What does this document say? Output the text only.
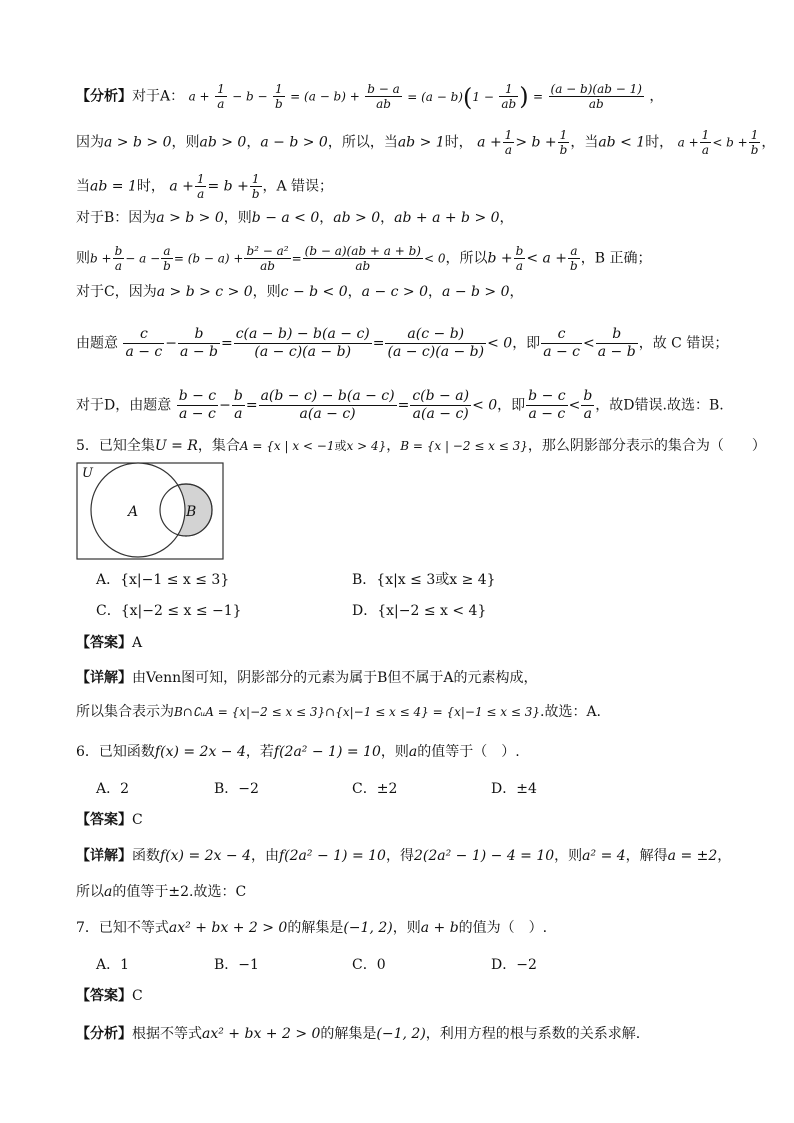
【分析】对于A： $a + \frac{1}{a} - b - \frac{1}{b} = (a - b) + \frac{b - a}{ab} = (a - b)(1 - \frac{1}{ab}$ ) = $\frac{(a - b)(ab - 1)}{ab}$ ，
因为a > b > 0，则ab > 0，a − b > 0，所以，当ab > 1时， $a + \frac{1}{a} > b + \frac{1}{b}$ ，当ab < 1时， $a + \frac{1}{a} < b + \frac{1}{b}$ ，
当ab = 1时， $a + \frac{1}{a} = b + \frac{1}{b}$ ，A 错误；
对于B：因为a > b > 0，则b − a < 0，ab > 0，ab + a + b > 0，
则$b + \frac{b}{a} - a - \frac{a}{b} = (b - a) + \frac{\text{b² − a²}}{ab} = \frac{(b - a)(ab + a + b)}{ab} < 0$，所以$b + \frac{b}{a} < a + \frac{a}{b}$ ，B 正确；
对于C，因为a > b > c > 0，则c − b < 0，a − c > 0，a − b > 0，
由题意 $\frac{c}{a - c} - \frac{b}{a - b} = \frac{c(a - b) - b(a - c)}{(a - c)(a - b)} = \frac{a(c - b)}{(a - c)(a - b)} < 0$，即 $\frac{c}{a - c} < \frac{b}{a - b}$ ，故 C 错误；
对于D，由题意 $\frac{b - c}{a - c} - \frac{b}{a} = \frac{a(b - c) - b(a - c)}{a(a - c)} = \frac{c(b - a)}{a(a - c)} < 0$，即 $\frac{b - c}{a - c} < \frac{b}{a}$ ，故D错误.故选：B.
5．已知全集U = R，集合A = {x | x < −1或x > 4}，B = {x | −2 ≤ x ≤ 3}，那么阴影部分表示的集合为（　　）
U
A	B
A．{x|−1 ≤ x ≤ 3}	B．{x|x ≤ 3或x ≥ 4}
C．{x|−2 ≤ x ≤ −1}	D．{x|−2 ≤ x < 4}
【答案】A
【详解】由Venn图可知，阴影部分的元素为属于B但不属于A的元素构成，
所以集合表示为B∩∁ᵤA = {x|−2 ≤ x ≤ 3}∩{x|−1 ≤ x ≤ 4} = {x|−1 ≤ x ≤ 3}.故选：A.
6．已知函数f(x) = 2x − 4，若f(2a² − 1) = 10，则a的值等于（　）.
A．2	B．−2	C．±2	D．±4
【答案】C
【详解】函数f(x) = 2x − 4，由f(2a² − 1) = 10，得2(2a² − 1) − 4 = 10，则a² = 4，解得a = ±2，
所以a的值等于±2.故选：C
7．已知不等式ax² + bx + 2 > 0的解集是(−1, 2)，则a + b的值为（　）.
A．1	B．−1	C．0	D．−2
【答案】C
【分析】根据不等式ax² + bx + 2 > 0的解集是(−1, 2)，利用方程的根与系数的关系求解.
